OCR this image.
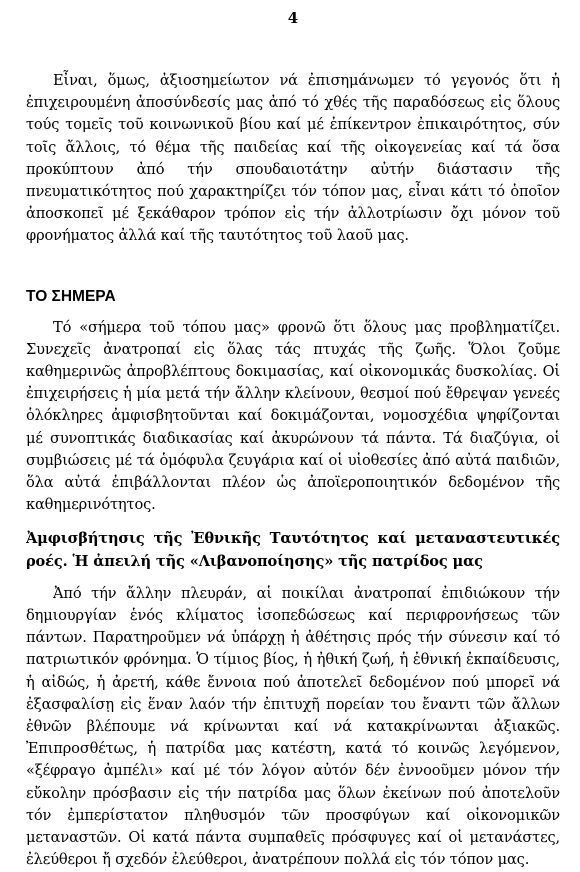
4

Εἶναι, ὅμως, ἀξιοσημείωτον νά ἐπισημάνωμεν τό γεγονός ὅτι ἡ ἐπιχειρουμένη ἀποσύνδεσίς μας ἀπό τό χθές τῆς παραδόσεως εἰς ὅλους τούς τομεῖς τοῦ κοινωνικοῦ βίου καί μέ ἐπίκεντρον ἐπικαιρότητος, σύν τοῖς ἄλλοις, τό θέμα τῆς παιδείας καί τῆς οἰκογενείας καί τά ὅσα προκύπτουν ἀπό τήν σπουδαιοτάτην αὐτήν διάστασιν τῆς πνευματικότητος πού χαρακτηρίζει τόν τόπον μας, εἶναι κάτι τό ὁποῖον ἀποσκοπεῖ μέ ξεκάθαρον τρόπον εἰς τήν ἀλλοτρίωσιν ὄχι μόνον τοῦ φρονήματος ἀλλά καί τῆς ταυτότητος τοῦ λαοῦ μας.

ΤΟ ΣΗΜΕΡΑ

Τό «σήμερα τοῦ τόπου μας» φρονῶ ὅτι ὅλους μας προβληματίζει. Συνεχεῖς ἀνατροπαί εἰς ὅλας τάς πτυχάς τῆς ζωῆς. Ὅλοι ζοῦμε καθημερινῶς ἀπροβλέπτους δοκιμασίας, καί οἰκονομικάς δυσκολίας. Οἱ ἐπιχειρήσεις ἡ μία μετά τήν ἄλλην κλείνουν, θεσμοί πού ἔθρεψαν γενεές ὁλόκληρες ἀμφισβητοῦνται καί δοκιμάζονται, νομοσχέδια ψηφίζονται μέ συνοπτικάς διαδικασίας καί ἀκυρώνουν τά πάντα. Τά διαζύγια, οἱ συμβιώσεις μέ τά ὁμόφυλα ζευγάρια καί οἱ υἱοθεσίες ἀπό αὐτά παιδιῶν, ὅλα αὐτά ἐπιβάλλονται πλέον ὡς ἀποϊεροποιητικόν δεδομένον τῆς καθημερινότητος.

Ἀμφισβήτησις τῆς Ἐθνικῆς Ταυτότητος καί μεταναστευτικές ροές. Ἡ ἀπειλή τῆς «Λιβανοποίησης» τῆς πατρίδος μας

Ἀπό τήν ἄλλην πλευράν, αἱ ποικίλαι ἀνατροπαί ἐπιδιώκουν τήν δημιουργίαν ἑνός κλίματος ἰσοπεδώσεως καί περιφρονήσεως τῶν πάντων. Παρατηροῦμεν νά ὑπάρχῃ ἡ ἀθέτησις πρός τήν σύνεσιν καί τό πατριωτικόν φρόνημα. Ὁ τίμιος βίος, ἡ ἠθική ζωή, ἡ ἐθνική ἐκπαίδευσις, ἡ αἰδώς, ἡ ἀρετή, κάθε ἔννοια πού ἀποτελεῖ δεδομένον πού μπορεῖ νά ἐξασφαλίσῃ εἰς ἕναν λαόν τήν ἐπιτυχῆ πορείαν του ἔναντι τῶν ἄλλων ἐθνῶν βλέπουμε νά κρίνωνται καί νά κατακρίνωνται ἀξιακῶς. Ἐπιπροσθέτως, ἡ πατρίδα μας κατέστη, κατά τό κοινῶς λεγόμενον, «ξέφραγο ἀμπέλι» καί μέ τόν λόγον αὐτόν δέν ἐννοοῦμεν μόνον τήν εὔκολην πρόσβασιν εἰς τήν πατρίδα μας ὅλων ἐκείνων πού ἀποτελοῦν τόν ἐμπερίστατον πληθυσμόν τῶν προσφύγων καί οἰκονομικῶν μεταναστῶν. Οἱ κατά πάντα συμπαθεῖς πρόσφυγες καί οἱ μετανάστες, ἐλεύθεροι ἤ σχεδόν ἐλεύθεροι, ἀνατρέπουν πολλά εἰς τόν τόπον μας.
